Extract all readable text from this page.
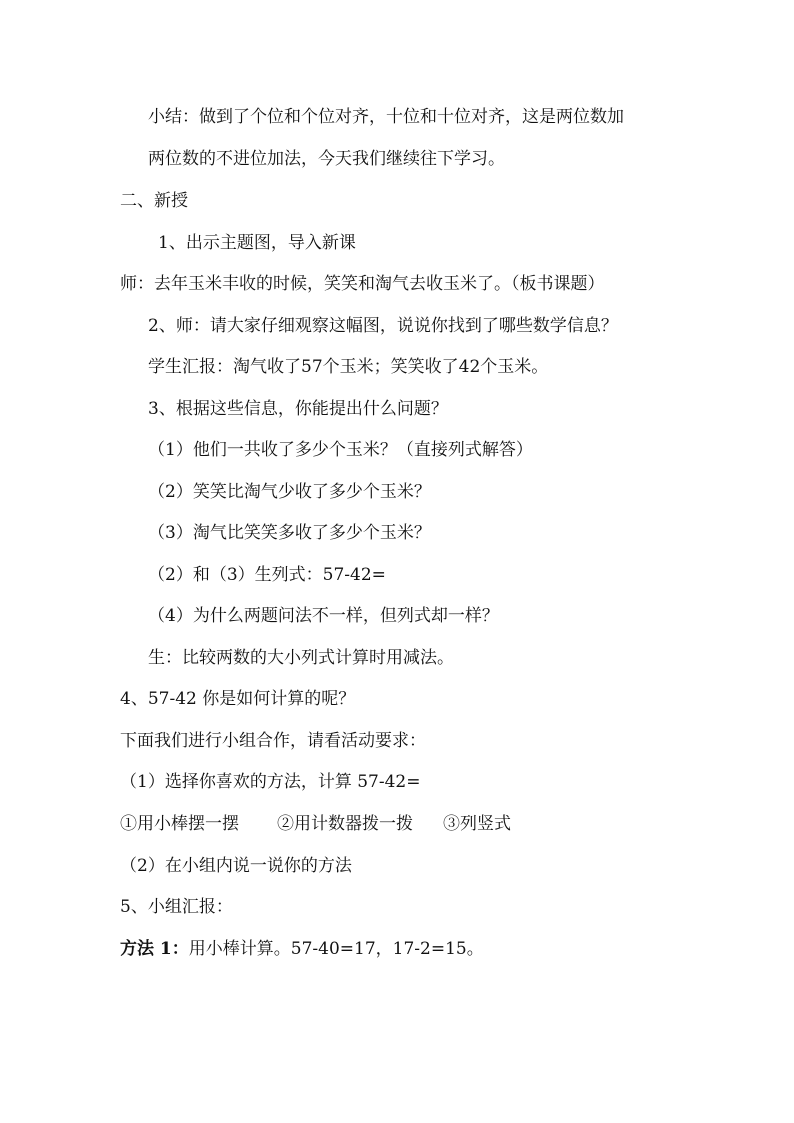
小结：做到了个位和个位对齐，十位和十位对齐，这是两位数加
两位数的不进位加法，今天我们继续往下学习。
二、新授
1、出示主题图，导入新课
师：去年玉米丰收的时候，笑笑和淘气去收玉米了。（板书课题）
2、师：请大家仔细观察这幅图，说说你找到了哪些数学信息？
学生汇报：淘气收了57个玉米；笑笑收了42个玉米。
3、根据这些信息，你能提出什么问题？
（1）他们一共收了多少个玉米？（直接列式解答）
（2）笑笑比淘气少收了多少个玉米？
（3）淘气比笑笑多收了多少个玉米？
（2）和（3）生列式：57-42=
（4）为什么两题问法不一样，但列式却一样？
生：比较两数的大小列式计算时用减法。
4、57-42 你是如何计算的呢？
下面我们进行小组合作，请看活动要求：
（1）选择你喜欢的方法，计算 57-42=
①用小棒摆一摆 ②用计数器拨一拨 ③列竖式
（2）在小组内说一说你的方法
5、小组汇报：
方法 1：用小棒计算。57-40=17，17-2=15。
